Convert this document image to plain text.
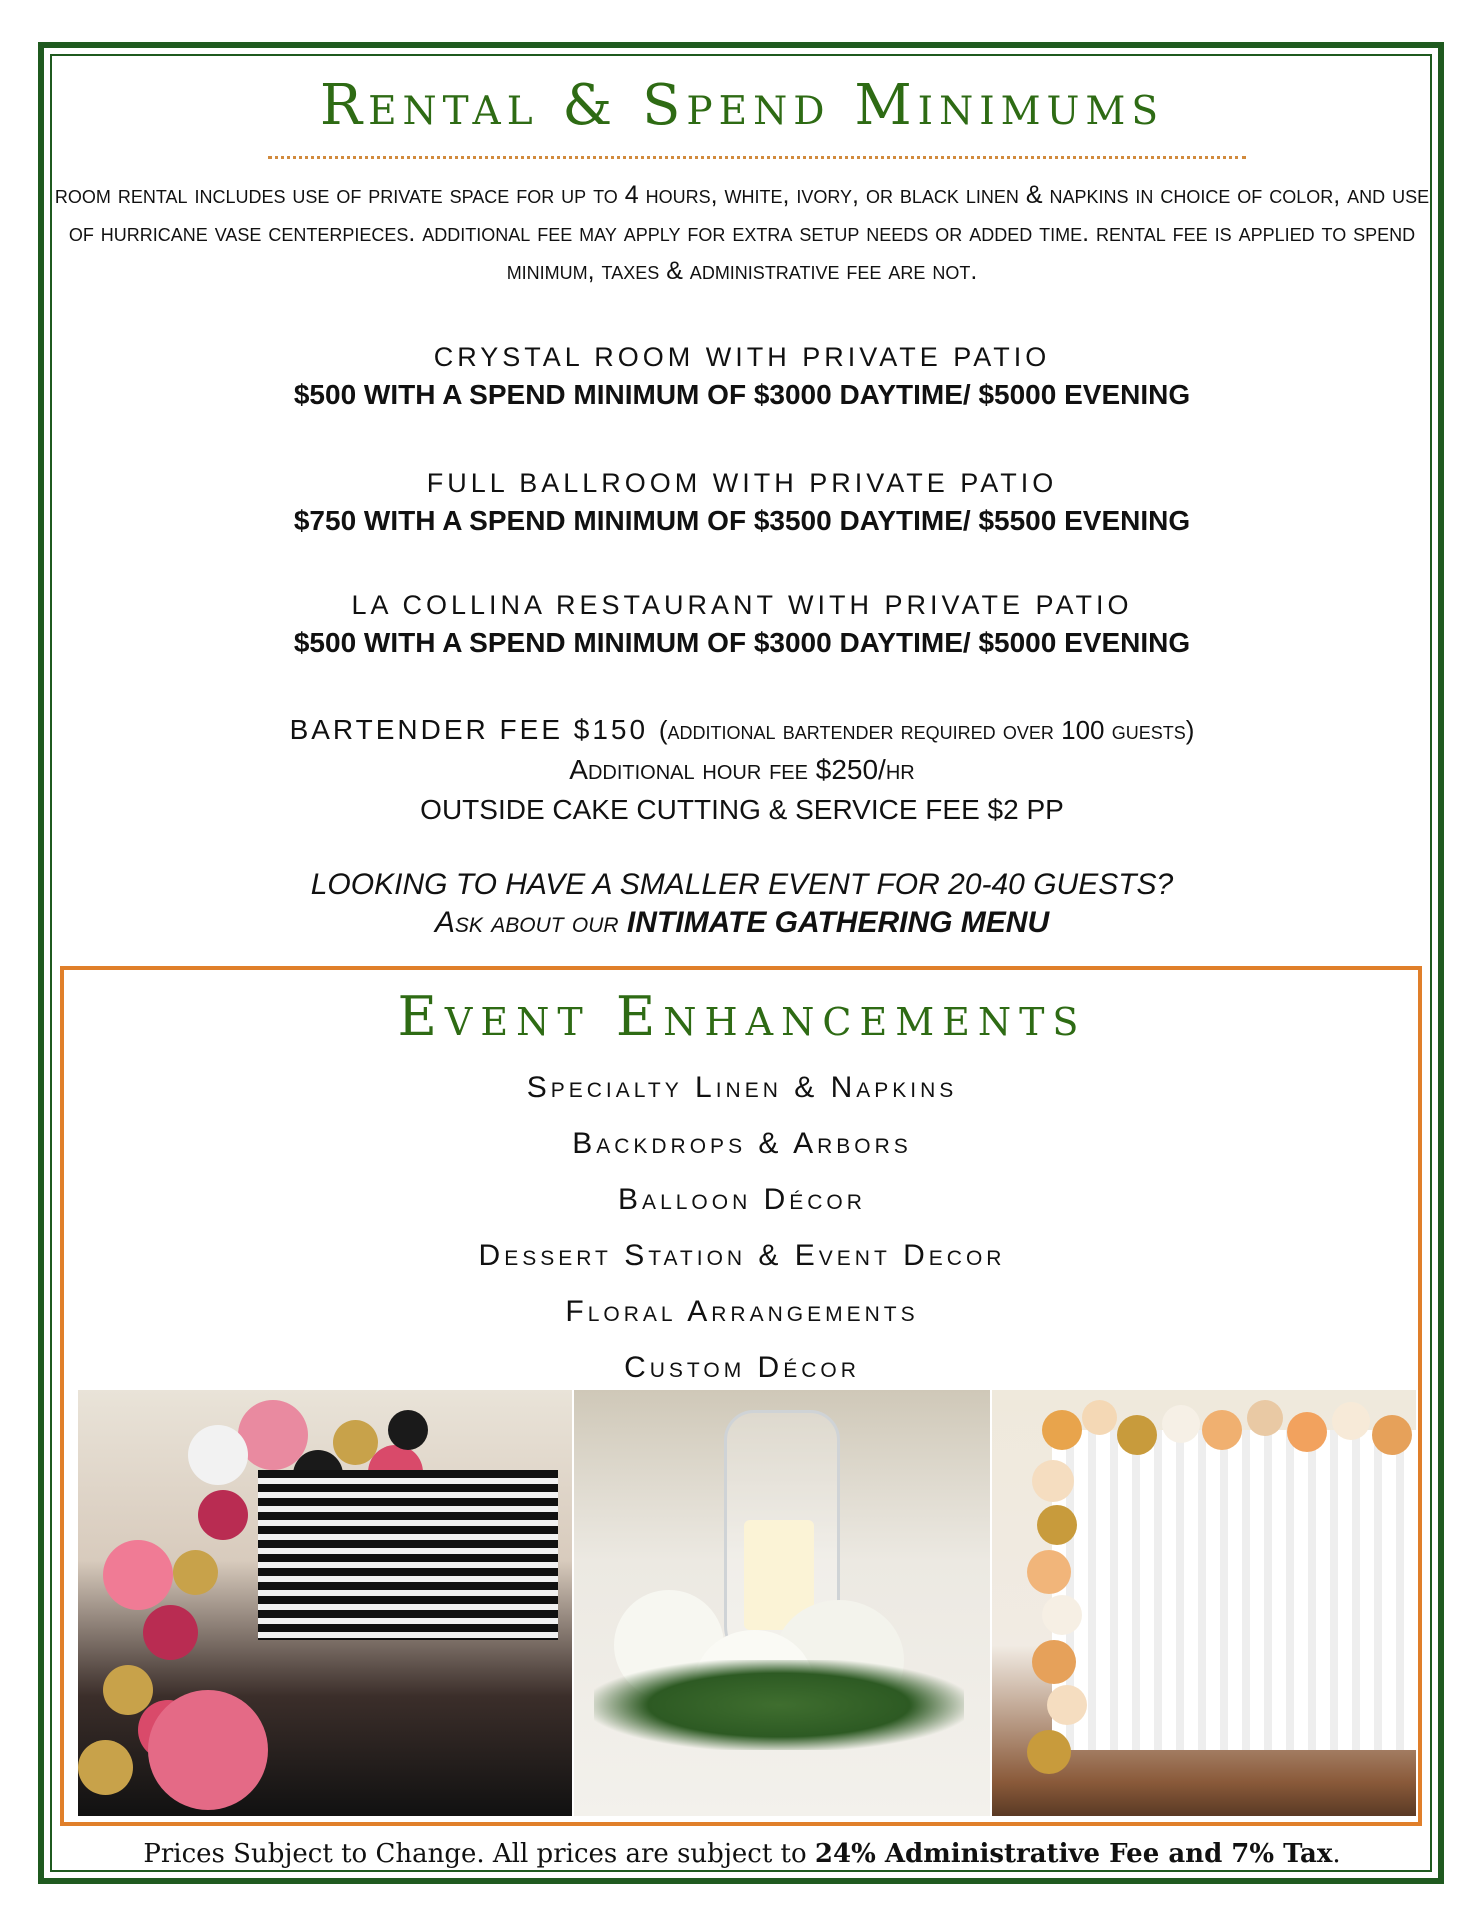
Rental & Spend Minimums
room rental includes use of private space for up to 4 hours, white, ivory, or black linen & napkins in choice of color, and use of hurricane vase centerpieces. additional fee may apply for extra setup needs or added time. rental fee is applied to spend minimum, taxes & administrative fee are not.
CRYSTAL ROOM WITH PRIVATE PATIO
$500 WITH A SPEND MINIMUM OF $3000 DAYTIME/ $5000 EVENING
FULL BALLROOM WITH PRIVATE PATIO
$750 WITH A SPEND MINIMUM OF $3500 DAYTIME/ $5500 EVENING
LA COLLINA RESTAURANT WITH PRIVATE PATIO
$500 WITH A SPEND MINIMUM OF $3000 DAYTIME/ $5000 EVENING
BARTENDER FEE $150 (additional bartender required over 100 guests)
Additional hour fee $250/hr
OUTSIDE CAKE CUTTING & SERVICE FEE $2 PP
LOOKING TO HAVE A SMALLER EVENT FOR 20-40 GUESTS?
Ask about our INTIMATE GATHERING MENU
Event Enhancements
Specialty Linen & Napkins
Backdrops & Arbors
Balloon Décor
Dessert Station & Event Decor
Floral Arrangements
Custom Décor
Prices Subject to Change. All prices are subject to 24% Administrative Fee and 7% Tax.
